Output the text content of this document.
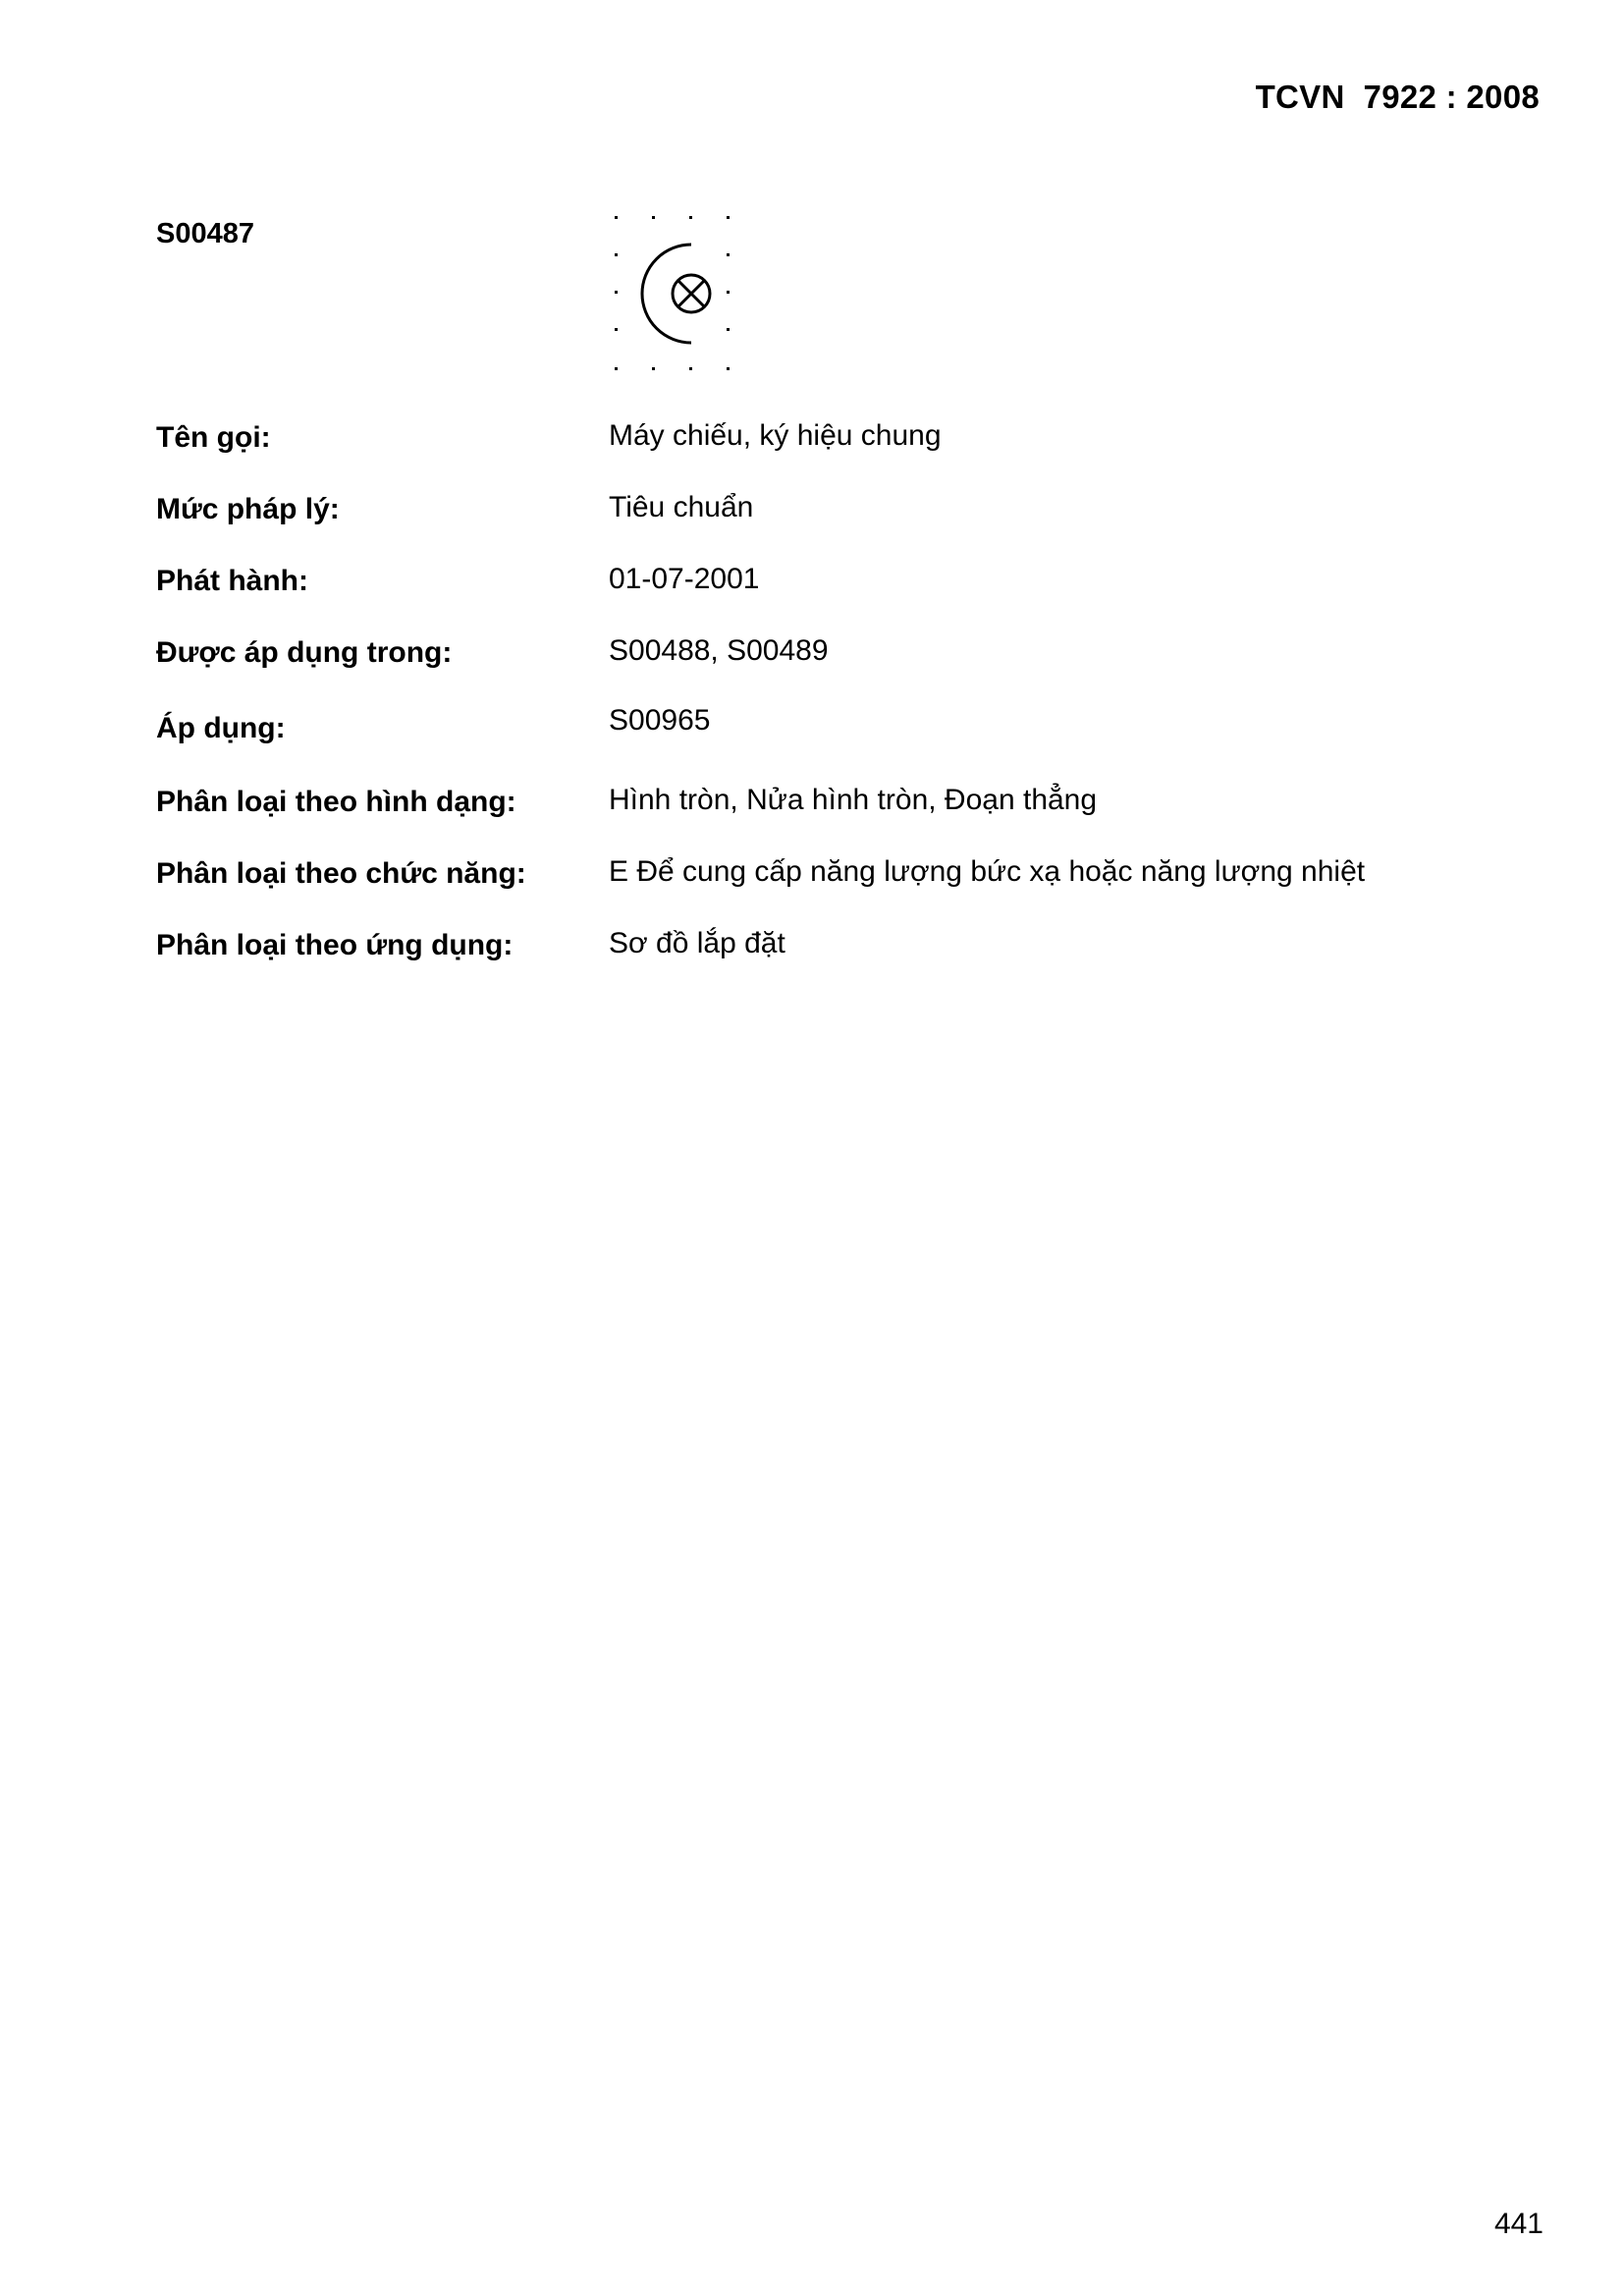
TCVN  7922 : 2008
S00487
Tên gọi:	Máy chiếu, ký hiệu chung
Mức pháp lý:	Tiêu chuẩn
Phát hành:	01-07-2001
Được áp dụng trong:	S00488, S00489
Áp dụng:	S00965
Phân loại theo hình dạng:	Hình tròn, Nửa hình tròn, Đoạn thẳng
Phân loại theo chức năng:	E Để cung cấp năng lượng bức xạ hoặc năng lượng nhiệt
Phân loại theo ứng dụng:	Sơ đồ lắp đặt
441
